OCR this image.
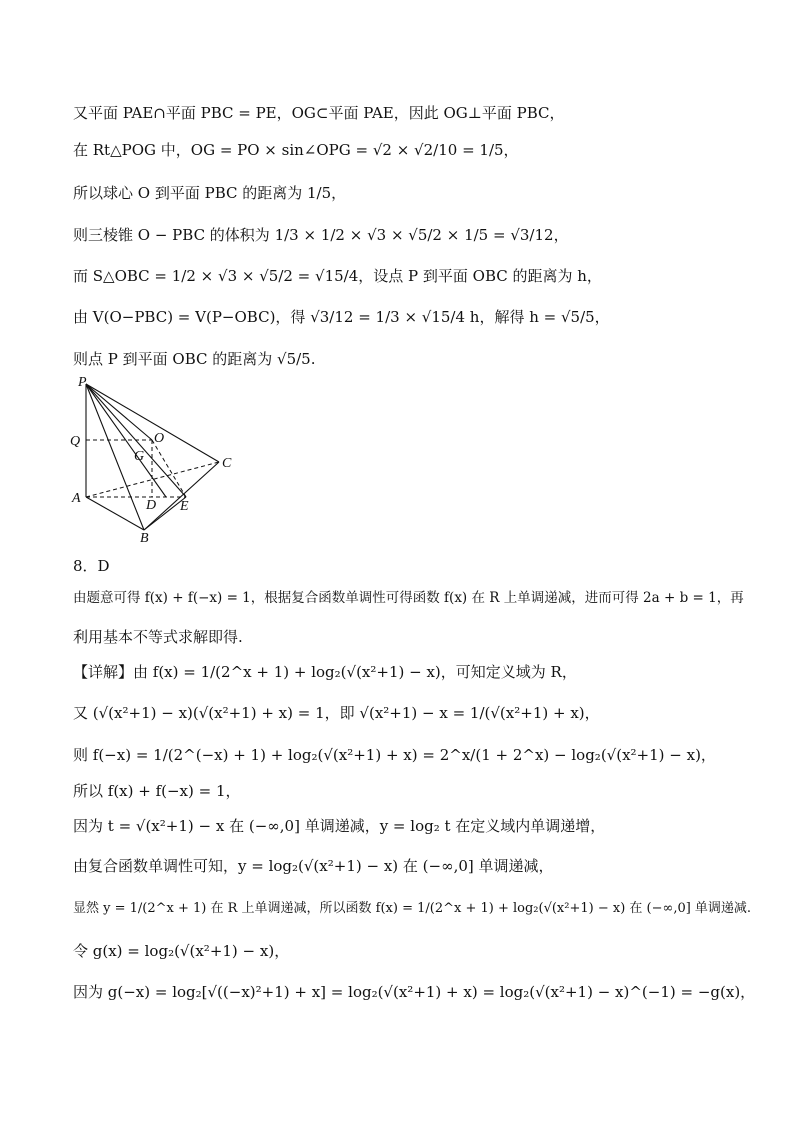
又平面 PAE∩平面 PBC = PE，OG⊂平面 PAE，因此 OG⊥平面 PBC，
在 Rt△POG 中，OG = PO × sin∠OPG = √2 × √2/10 = 1/5，
所以球心 O 到平面 PBC 的距离为 1/5，
则三棱锥 O − PBC 的体积为 1/3 × 1/2 × √3 × √5/2 × 1/5 = √3/12，
而 S△OBC = 1/2 × √3 × √5/2 = √15/4，设点 P 到平面 OBC 的距离为 h，
由 V(O−PBC) = V(P−OBC)，得 √3/12 = 1/3 × √15/4 h，解得 h = √5/5，
则点 P 到平面 OBC 的距离为 √5/5.
P
Q	O
G	C
A	D E
B
8．D
由题意可得 f(x) + f(−x) = 1，根据复合函数单调性可得函数 f(x) 在 R 上单调递减，进而可得 2a + b = 1，再
利用基本不等式求解即得.
【详解】由 f(x) = 1/(2^x + 1) + log₂(√(x²+1) − x)，可知定义域为 R，
又 (√(x²+1) − x)(√(x²+1) + x) = 1，即 √(x²+1) − x = 1/(√(x²+1) + x)，
则 f(−x) = 1/(2^(−x) + 1) + log₂(√(x²+1) + x) = 2^x/(1 + 2^x) − log₂(√(x²+1) − x)，
所以 f(x) + f(−x) = 1，
因为 t = √(x²+1) − x 在 (−∞,0] 单调递减，y = log₂ t 在定义域内单调递增，
由复合函数单调性可知，y = log₂(√(x²+1) − x) 在 (−∞,0] 单调递减，
显然 y = 1/(2^x + 1) 在 R 上单调递减，所以函数 f(x) = 1/(2^x + 1) + log₂(√(x²+1) − x) 在 (−∞,0] 单调递减.
令 g(x) = log₂(√(x²+1) − x)，
因为 g(−x) = log₂[√((−x)²+1) + x] = log₂(√(x²+1) + x) = log₂(√(x²+1) − x)^(−1) = −g(x)，
